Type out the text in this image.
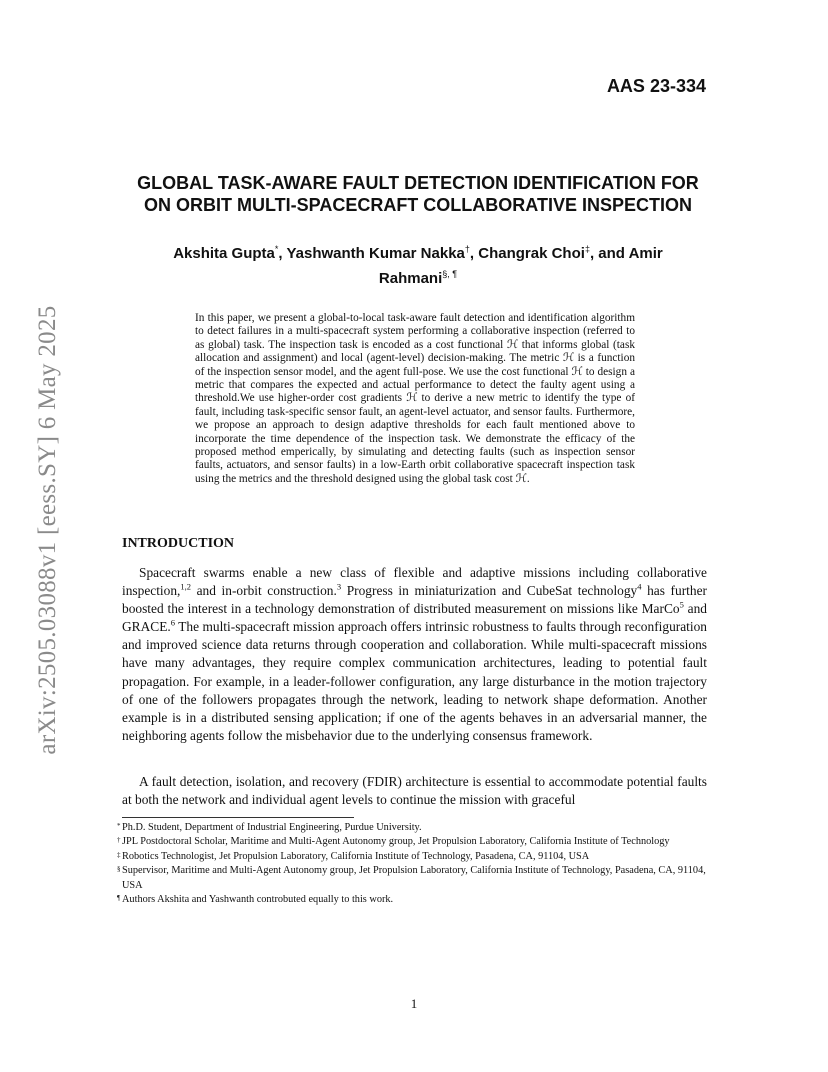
arXiv:2505.03088v1 [eess.SY] 6 May 2025
AAS 23-334
GLOBAL TASK-AWARE FAULT DETECTION IDENTIFICATION FOR
ON ORBIT MULTI-SPACECRAFT COLLABORATIVE INSPECTION
Akshita Gupta*, Yashwanth Kumar Nakka†, Changrak Choi‡, and Amir
Rahmani§, ¶

In this paper, we present a global-to-local task-aware fault detection and identification algorithm to detect failures in a multi-spacecraft system performing a collaborative inspection (referred to as global) task. The inspection task is encoded as a cost functional ℋ that informs global (task allocation and assignment) and local (agent-level) decision-making. The metric ℋ is a function of the inspection sensor model, and the agent full-pose. We use the cost functional ℋ to design a metric that compares the expected and actual performance to detect the faulty agent using a threshold.We use higher-order cost gradients ℋ to derive a new metric to identify the type of fault, including task-specific sensor fault, an agent-level actuator, and sensor faults. Furthermore, we propose an approach to design adaptive thresholds for each fault mentioned above to incorporate the time dependence of the inspection task. We demonstrate the efficacy of the proposed method emperically, by simulating and detecting faults (such as inspection sensor faults, actuators, and sensor faults) in a low-Earth orbit collaborative spacecraft inspection task using the metrics and the threshold designed using the global task cost ℋ.

INTRODUCTION

Spacecraft swarms enable a new class of flexible and adaptive missions including collaborative inspection,$^{1,2}$ and in-orbit construction.$^3$ Progress in miniaturization and CubeSat technology$^4$ has further boosted the interest in a technology demonstration of distributed measurement on missions like MarCo$^5$ and GRACE.$^6$ The multi-spacecraft mission approach offers intrinsic robustness to faults through reconfiguration and improved science data returns through cooperation and collaboration. While multi-spacecraft missions have many advantages, they require complex communication architectures, leading to potential fault propagation. For example, in a leader-follower configuration, any large disturbance in the motion trajectory of one of the followers propagates through the network, leading to network shape deformation. Another example is in a distributed sensing application; if one of the agents behaves in an adversarial manner, the neighboring agents follow the misbehavior due to the underlying consensus framework.

A fault detection, isolation, and recovery (FDIR) architecture is essential to accommodate potential faults at both the network and individual agent levels to continue the mission with graceful

* Ph.D. Student, Department of Industrial Engineering, Purdue University.
† JPL Postdoctoral Scholar, Maritime and Multi-Agent Autonomy group, Jet Propulsion Laboratory, California Institute of Technology
‡ Robotics Technologist, Jet Propulsion Laboratory, California Institute of Technology, Pasadena, CA, 91104, USA
§ Supervisor, Maritime and Multi-Agent Autonomy group, Jet Propulsion Laboratory, California Institute of Technology, Pasadena, CA, 91104, USA
¶ Authors Akshita and Yashwanth controbuted equally to this work.
1
